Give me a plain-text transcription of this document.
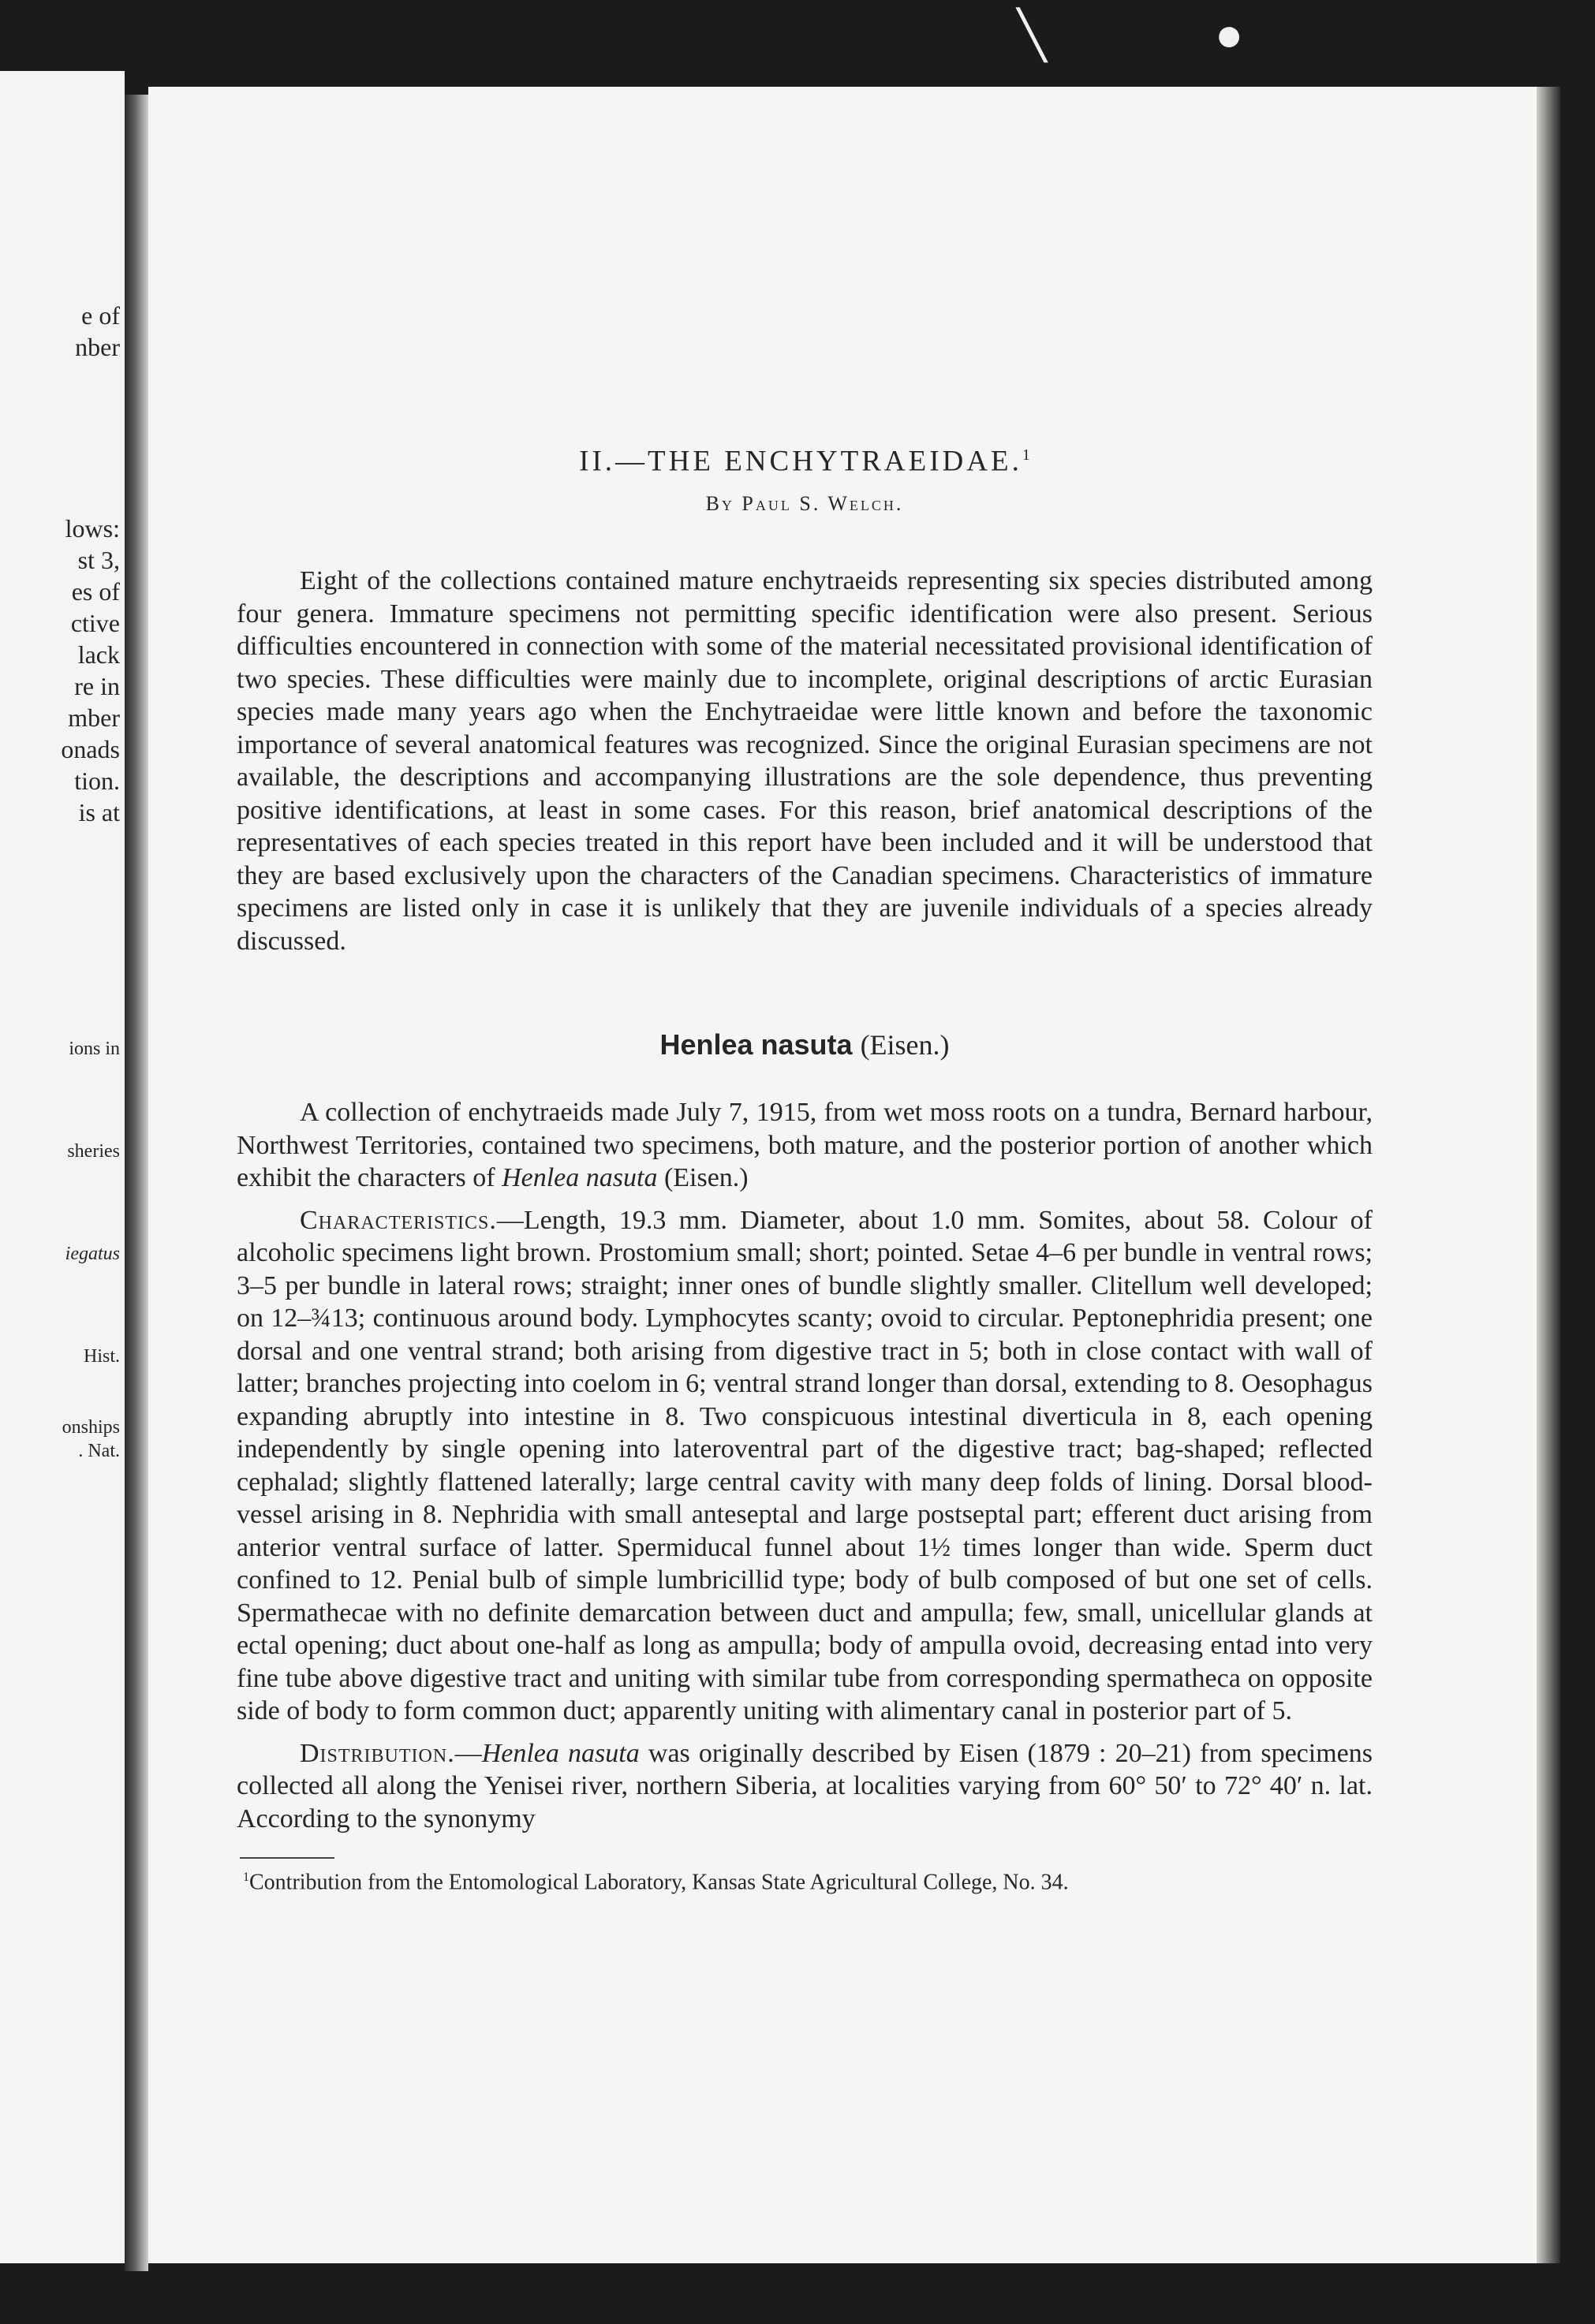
╲	●
e of
nber
lows:
st 3,
es of
ctive
lack
re in
mber
onads
tion.
is at
ions in
sheries
iegatus
Hist.
onships
. Nat.
II.—THE ENCHYTRAEIDAE.$^1$
By Paul S. Welch.

Eight of the collections contained mature enchytraeids representing six species distributed among four genera. Immature specimens not permitting specific identification were also present. Serious difficulties encountered in connection with some of the material necessitated provisional identification of two species. These difficulties were mainly due to incomplete, original descriptions of arctic Eurasian species made many years ago when the Enchytraeidae were little known and before the taxonomic importance of several anatomical features was recognized. Since the original Eurasian specimens are not available, the descriptions and accompanying illustrations are the sole dependence, thus preventing positive identifications, at least in some cases. For this reason, brief anatomical descriptions of the representatives of each species treated in this report have been included and it will be understood that they are based exclusively upon the characters of the Canadian specimens. Characteristics of immature specimens are listed only in case it is unlikely that they are juvenile individuals of a species already discussed.

Henlea nasuta (Eisen.)

A collection of enchytraeids made July 7, 1915, from wet moss roots on a tundra, Bernard harbour, Northwest Territories, contained two specimens, both mature, and the posterior portion of another which exhibit the characters of Henlea nasuta (Eisen.)

Characteristics.—Length, 19.3 mm. Diameter, about 1.0 mm. Somites, about 58. Colour of alcoholic specimens light brown. Prostomium small; short; pointed. Setae 4–6 per bundle in ventral rows; 3–5 per bundle in lateral rows; straight; inner ones of bundle slightly smaller. Clitellum well developed; on 12–¾13; continuous around body. Lymphocytes scanty; ovoid to circular. Peptonephridia present; one dorsal and one ventral strand; both arising from digestive tract in 5; both in close contact with wall of latter; branches projecting into coelom in 6; ventral strand longer than dorsal, extending to 8. Oesophagus expanding abruptly into intestine in 8. Two conspicuous intestinal diverticula in 8, each opening independently by single opening into lateroventral part of the digestive tract; bag-shaped; reflected cephalad; slightly flattened laterally; large central cavity with many deep folds of lining. Dorsal blood-vessel arising in 8. Nephridia with small anteseptal and large postseptal part; efferent duct arising from anterior ventral surface of latter. Spermiducal funnel about 1½ times longer than wide. Sperm duct confined to 12. Penial bulb of simple lumbricillid type; body of bulb composed of but one set of cells. Spermathecae with no definite demarcation between duct and ampulla; few, small, unicellular glands at ectal opening; duct about one-half as long as ampulla; body of ampulla ovoid, decreasing entad into very fine tube above digestive tract and uniting with similar tube from corresponding spermatheca on opposite side of body to form common duct; apparently uniting with alimentary canal in posterior part of 5.

Distribution.—Henlea nasuta was originally described by Eisen (1879 : 20–21) from specimens collected all along the Yenisei river, northern Siberia, at localities varying from 60° 50′ to 72° 40′ n. lat. According to the synonymy

$^1$Contribution from the Entomological Laboratory, Kansas State Agricultural College, No. 34.
